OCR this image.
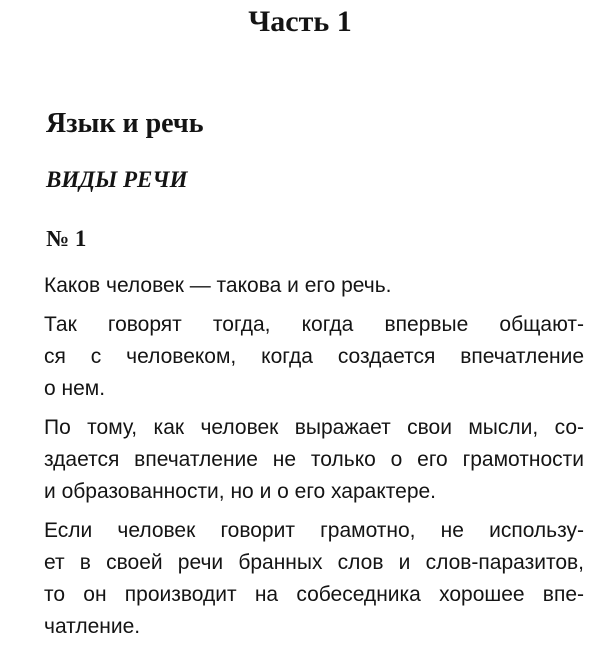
Часть 1
Язык и речь
ВИДЫ РЕЧИ
№ 1
Каков человек — такова и его речь.
Так говорят тогда, когда впервые общают-
ся с человеком, когда создается впечатление
о нем.
По тому, как человек выражает свои мысли, со-
здается впечатление не только о его грамотности
и образованности, но и о его характере.
Если человек говорит грамотно, не использу-
ет в своей речи бранных слов и слов-паразитов,
то он производит на собеседника хорошее впе-
чатление.
